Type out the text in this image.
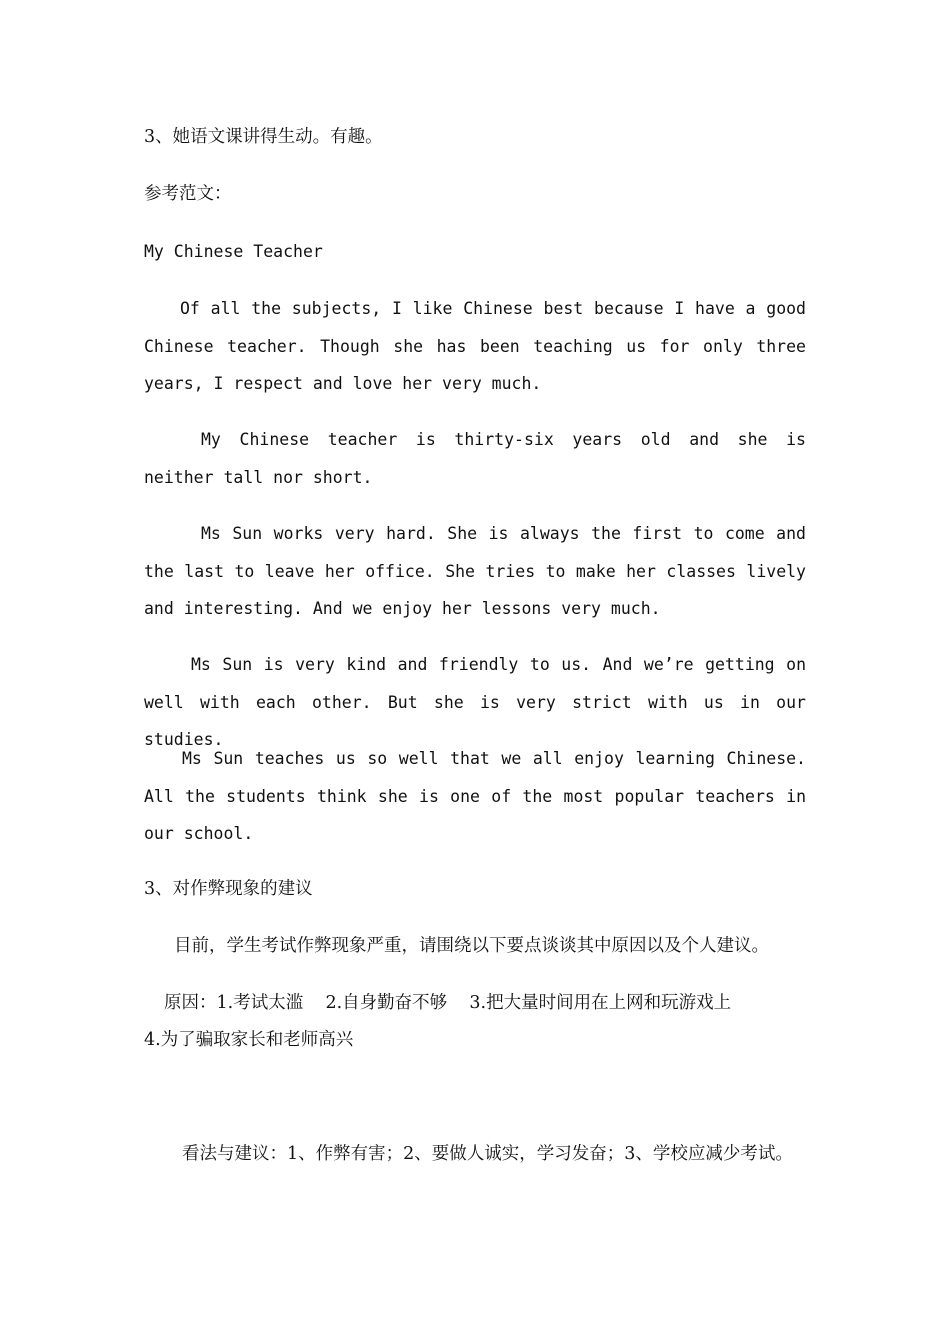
3、她语文课讲得生动。有趣。
参考范文：
My Chinese Teacher
Of all the subjects, I like Chinese best because I have a good Chinese teacher. Though she has been teaching us for only three years, I respect and love her very much.
My Chinese teacher is thirty-six years old and she is neither tall nor short.
Ms Sun works very hard. She is always the first to come and the last to leave her office. She tries to make her classes lively and interesting. And we enjoy her lessons very much.
Ms Sun is very kind and friendly to us. And we’re getting on well with each other. But she is very strict with us in our studies.
Ms Sun teaches us so well that we all enjoy learning Chinese. All the students think she is one of the most popular teachers in our school.
3、对作弊现象的建议
目前，学生考试作弊现象严重，请围绕以下要点谈谈其中原因以及个人建议。
原因：1.考试太滥    2.自身勤奋不够    3.把大量时间用在上网和玩游戏上
4.为了骗取家长和老师高兴
看法与建议：1、作弊有害；2、要做人诚实，学习发奋；3、学校应减少考试。
